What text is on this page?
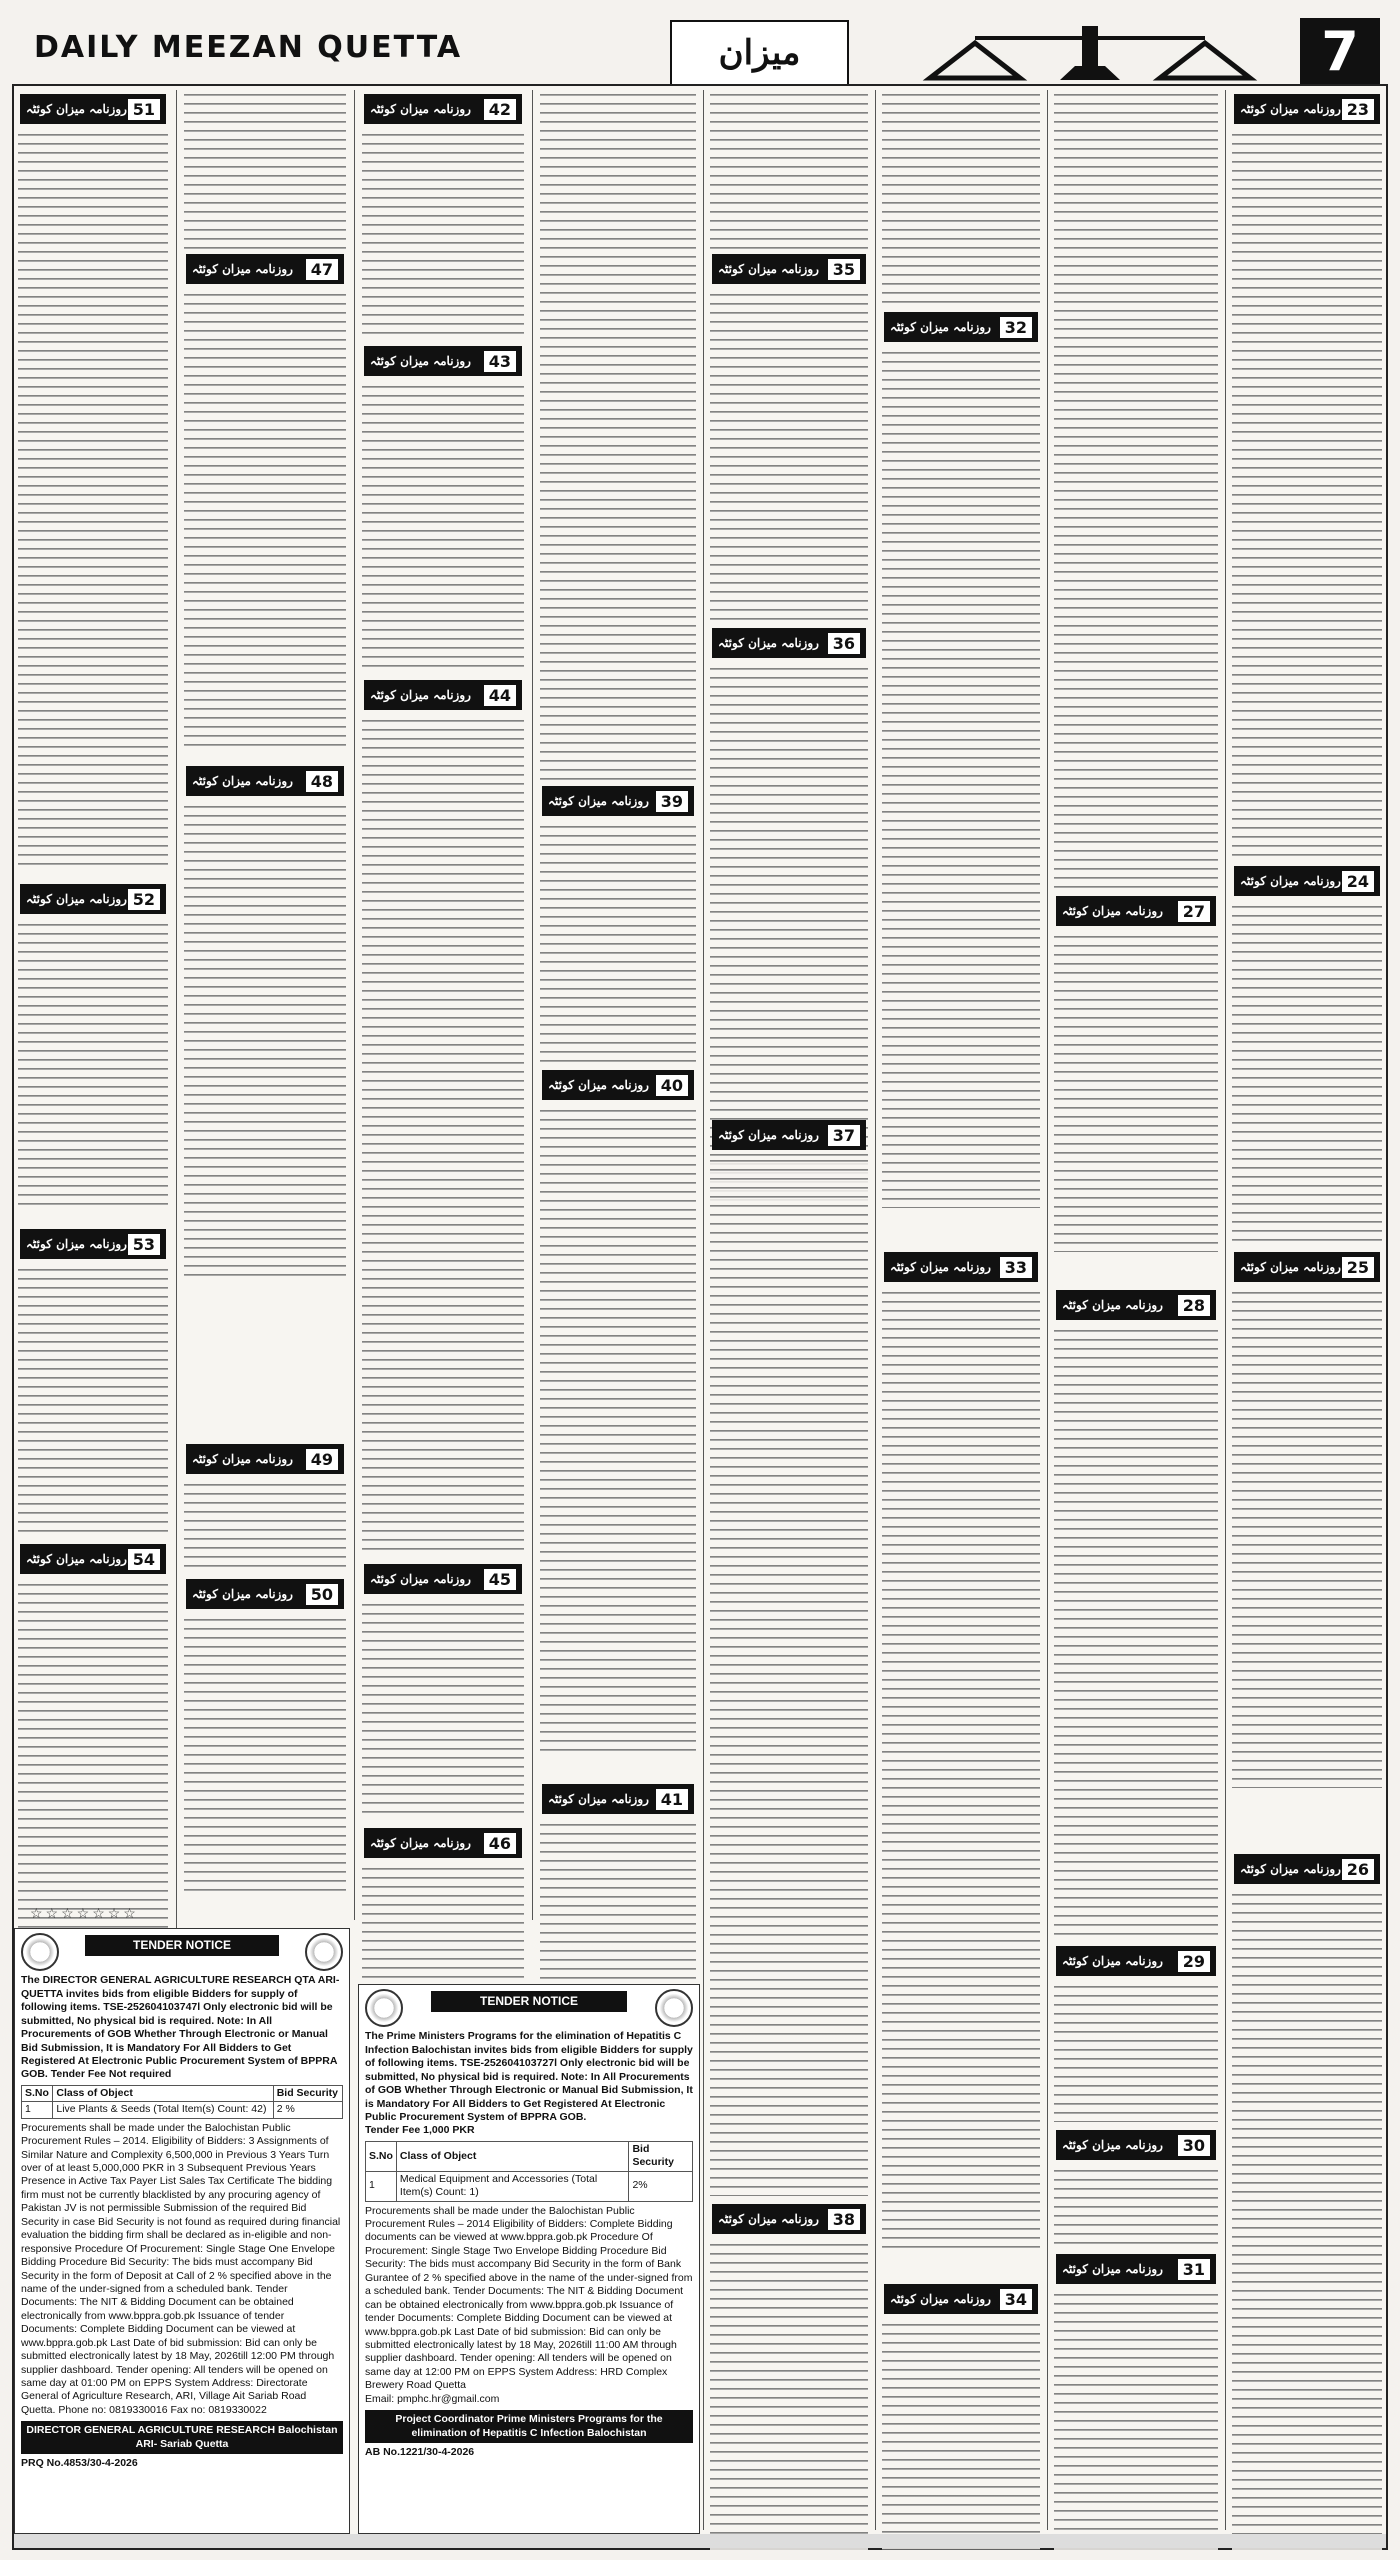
DAILY MEEZAN QUETTA	میزان	7
روزنامہ میزان کوئٹہ 51
روزنامہ میزان کوئٹہ 52
روزنامہ میزان کوئٹہ 53
روزنامہ میزان کوئٹہ 54
روزنامہ میزان کوئٹہ	47
روزنامہ میزان کوئٹہ	48
روزنامہ میزان کوئٹہ	49
روزنامہ میزان کوئٹہ	50
روزنامہ میزان کوئٹہ	42
روزنامہ میزان کوئٹہ	43
روزنامہ میزان کوئٹہ	44
روزنامہ میزان کوئٹہ	45
روزنامہ میزان کوئٹہ	46
روزنامہ میزان کوئٹہ 39
روزنامہ میزان کوئٹہ 40
روزنامہ میزان کوئٹہ 41
روزنامہ میزان کوئٹہ 35
روزنامہ میزان کوئٹہ 36
روزنامہ میزان کوئٹہ 37
روزنامہ میزان کوئٹہ 38
روزنامہ میزان کوئٹہ 32
روزنامہ میزان کوئٹہ 33
روزنامہ میزان کوئٹہ 34
روزنامہ میزان کوئٹہ	27
روزنامہ میزان کوئٹہ	28
روزنامہ میزان کوئٹہ	29
روزنامہ میزان کوئٹہ	30
روزنامہ میزان کوئٹہ	31
روزنامہ میزان کوئٹہ 23
روزنامہ میزان کوئٹہ 24
روزنامہ میزان کوئٹہ 25
روزنامہ میزان کوئٹہ 26
☆☆☆☆☆☆☆
TENDER NOTICE
The DIRECTOR GENERAL AGRICULTURE RESEARCH QTA ARI-QUETTA invites bids from eligible Bidders for supply of following items. TSE-252604103747l Only electronic bid will be submitted, No physical bid is required. Note: In All Procurements of GOB Whether Through Electronic or Manual Bid Submission, It is Mandatory For All Bidders to Get Registered At Electronic Public Procurement System of BPPRA GOB. Tender Fee Not required
S.No	Class of Object	Bid Security
1	Live Plants & Seeds (Total Item(s) Count: 42)	2 %
Procurements shall be made under the Balochistan Public Procurement Rules – 2014. Eligibility of Bidders: 3 Assignments of Similar Nature and Complexity 6,500,000 in Previous 3 Years Turn over of at least 5,000,000 PKR in 3 Subsequent Previous Years Presence in Active Tax Payer List Sales Tax Certificate The bidding firm must not be currently blacklisted by any procuring agency of Pakistan JV is not permissible Submission of the required Bid Security in case Bid Security is not found as required during financial evaluation the bidding firm shall be declared as in-eligible and non-responsive Procedure Of Procurement: Single Stage One Envelope Bidding Procedure Bid Security: The bids must accompany Bid Security in the form of Deposit at Call of 2 % specified above in the name of the under-signed from a scheduled bank. Tender Documents: The NIT & Bidding Document can be obtained electronically from www.bppra.gob.pk Issuance of tender Documents: Complete Bidding Document can be viewed at www.bppra.gob.pk Last Date of bid submission: Bid can only be submitted electronically latest by 18 May, 2026till 12:00 PM through supplier dashboard. Tender opening: All tenders will be opened on same day at 01:00 PM on EPPS System Address: Directorate General of Agriculture Research, ARI, Village Ait Sariab Road Quetta. Phone no: 0819330016 Fax no: 0819330022
DIRECTOR GENERAL AGRICULTURE RESEARCH Balochistan ARI- Sariab Quetta
PRQ No.4853/30-4-2026
TENDER NOTICE
The Prime Ministers Programs for the elimination of Hepatitis C Infection Balochistan invites bids from eligible Bidders for supply of following items. TSE-252604103727l Only electronic bid will be submitted, No physical bid is required. Note: In All Procurements of GOB Whether Through Electronic or Manual Bid Submission, It is Mandatory For All Bidders to Get Registered At Electronic Public Procurement System of BPPRA GOB.
Tender Fee 1,000 PKR
S.No	Class of Object	Bid Security
1	Medical Equipment and Accessories (Total Item(s) Count: 1)	2%
Procurements shall be made under the Balochistan Public Procurement Rules – 2014 Eligibility of Bidders: Complete Bidding documents can be viewed at www.bppra.gob.pk Procedure Of Procurement: Single Stage Two Envelope Bidding Procedure Bid Security: The bids must accompany Bid Security in the form of Bank Gurantee of 2 % specified above in the name of the under-signed from a scheduled bank. Tender Documents: The NIT & Bidding Document can be obtained electronically from www.bppra.gob.pk Issuance of tender Documents: Complete Bidding Document can be viewed at www.bppra.gob.pk Last Date of bid submission: Bid can only be submitted electronically latest by 18 May, 2026till 11:00 AM through supplier dashboard. Tender opening: All tenders will be opened on same day at 12:00 PM on EPPS System Address: HRD Complex Brewery Road Quetta
Email: pmphc.hr@gmail.com
Project Coordinator Prime Ministers Programs for the elimination of Hepatitis C Infection Balochistan
AB No.1221/30-4-2026
